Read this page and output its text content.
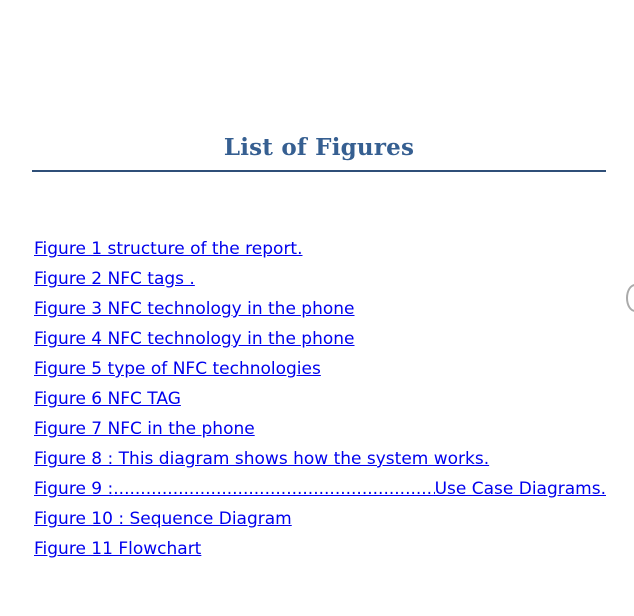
List of Figures
Figure 1 structure of the report.
Figure 2 NFC tags .
Figure 3 NFC technology in the phone
Figure 4 NFC technology in the phone
Figure 5 type of NFC technologies
Figure 6 NFC TAG
Figure 7 NFC in the phone
Figure 8 : This diagram shows how the system works.
Figure 9 :
.....	Use Case Diagrams.
Figure 10 : Sequence Diagram
Figure 11 Flowchart
